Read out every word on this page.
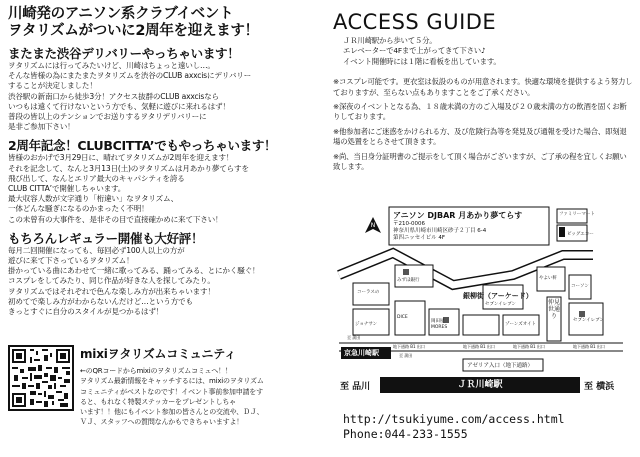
川崎発のアニソン系クラブイベント
ヲタリズムがついに2周年を迎えます！
またまた渋谷デリバリーやっちゃいます！
ヲタリズムには行ってみたいけど、川崎はちょっと遠いし…。
そんな皆様の為にまたまたヲタリズムを渋谷のCLUB axxcisにデリバリー
することが決定しました！
渋谷駅の新南口から徒歩3分！アクセス抜群のCLUB axxcisなら
いつもは遠くて行けないという方でも、気軽に遊びに来れるはず！
普段の皆以上のテンションでお送りするヲタリデリバリーに
是非ご参加下さい！
2周年記念！CLUBCITTA’でもやっちゃいます！
皆様のおかげで3月29日に、晴れてヲタリズムが2周年を迎えます！
それを記念して、なんと3月13日(土)のヲタリズムは月あかり夢てらすを
飛び出して、なんとエリア最大のキャパシティを誇る
CLUB CITTA’で開催しちゃいます。
最大収容人数が文字通り「桁違い」なヲタリズム、
一体どんな騒ぎになるのかまったく不明！
この未曾有の大事件を、是非その目で直接確かめに来て下さい！
もちろんレギュラー開催も大好評！
毎月二回開催になっても、毎回必ず100人以上の方が
遊びに来て下さっているヲタリズム！
掛かっている曲にあわせて一緒に歌ってみる、踊ってみる、とにかく騒ぐ！
コスプレをしてみたり、同じ作品が好きな人を探してみたり。
ヲタリズムではそれぞれで色んな楽しみ方が出来ちゃいます！
初めてで楽しみ方がわからないんだけど…という方でも
きっとすぐに自分のスタイルが見つかるはず！
mixiヲタリズムコミュニティ
←のQRコードからmixiのヲタリズムコミュへ！！
ヲタリズム最新情報をキャッチするには、mixiのヲタリズム
コミュニティがベストなのです！イベント事前参加申請をす
ると、もれなく特製ステッカーをプレゼントしちゃ
います！！他にもイベント参加の皆さんとの交流や、ＤＪ、
ＶＪ、スタッフへの質問なんかもできちゃいますよ！
ACCESS GUIDE
ＪＲ川崎駅から歩いて５分。
エレベーターで4Fまで上がってきて下さい♪
イベント開催時には１階に看板を出しています。
※コスプレ可能です。更衣室は仮設のものが用意されます。快適な環境を提供するよう努力しておりますが、至らない点もありますことをご了承ください。
※深夜のイベントとなる為、１８歳未満の方のご入場及び２０歳未満の方の飲酒を固くお断りしております。
※他参加者にご迷惑をかけられる方、及び危険行為等を発見及び通報を受けた場合、即刻退場の処置をとらさせて頂きます。
※尚、当日身分証明書のご提示をして頂く場合がございますが、ご了承の程を宜しくお願い致します。
N
アニソン DJBAR 月あかり夢てらす
〒210-0006
神奈川県川崎市川崎区砂子２丁目 6-4
第四ニッセイビル 4F
銀柳街（アーケード）
仲見世通り
京急川崎駅
アゼリア入口（地下通路）
ファミリーマート
ビッグエコー
コーソン
やよい軒
みずほ銀行
コーラスの
セブンイレブン
DICE
ジョナサン
岡田屋MORES
ゾーンズオイト
セブンイレブン
地下通路 B1 出口	地下通路 B1 出口	地下通路 B1 出口	地下通路 B1 出口
至 蒲田
至 蒲田
至 品川	ＪＲ川崎駅	至 横浜
http://tsukiyume.com/access.html
Phone:044-233-1555
